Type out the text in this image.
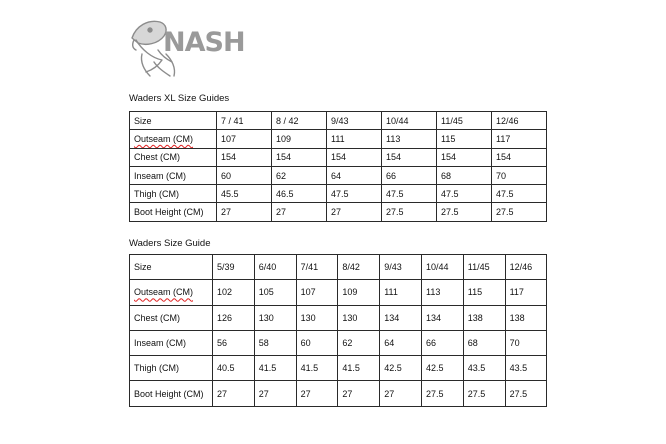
NASH
Waders XL Size Guides
Size	7 / 41	8 / 42	9/43	10/44	11/45	12/46
Outseam (CM)	107	109	111	113	115	117
Chest (CM)	154	154	154	154	154	154
Inseam (CM)	60	62	64	66	68	70
Thigh (CM)	45.5	46.5	47.5	47.5	47.5	47.5
Boot Height (CM)	27	27	27	27.5	27.5	27.5
Waders Size Guide
Size	5/39	6/40	7/41	8/42	9/43	10/44	11/45	12/46
Outseam (CM)	102	105	107	109	111	113	115	117
Chest (CM)	126	130	130	130	134	134	138	138
Inseam (CM)	56	58	60	62	64	66	68	70
Thigh (CM)	40.5	41.5	41.5	41.5	42.5	42.5	43.5	43.5
Boot Height (CM)	27	27	27	27	27	27.5	27.5	27.5
